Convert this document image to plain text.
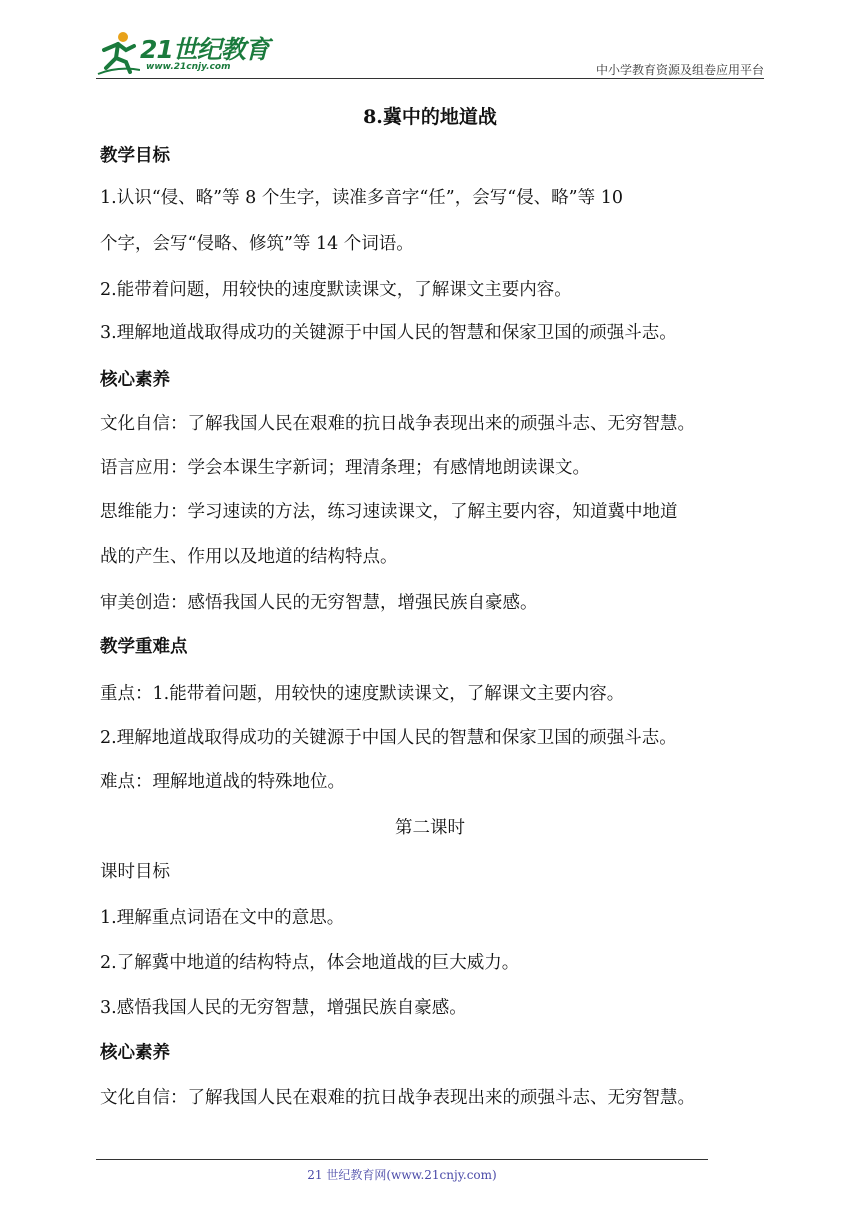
21世纪教育
www.21cnjy.com	中小学教育资源及组卷应用平台
8.冀中的地道战
教学目标
1.认识“侵、略”等 8 个生字，读准多音字“任”，会写“侵、略”等 10
个字，会写“侵略、修筑”等 14 个词语。
2.能带着问题，用较快的速度默读课文，了解课文主要内容。
3.理解地道战取得成功的关键源于中国人民的智慧和保家卫国的顽强斗志。
核心素养
文化自信：了解我国人民在艰难的抗日战争表现出来的顽强斗志、无穷智慧。
语言应用：学会本课生字新词；理清条理；有感情地朗读课文。
思维能力：学习速读的方法，练习速读课文，了解主要内容，知道冀中地道
战的产生、作用以及地道的结构特点。
审美创造：感悟我国人民的无穷智慧，增强民族自豪感。
教学重难点
重点：1.能带着问题，用较快的速度默读课文，了解课文主要内容。
2.理解地道战取得成功的关键源于中国人民的智慧和保家卫国的顽强斗志。
难点：理解地道战的特殊地位。
第二课时
课时目标
1.理解重点词语在文中的意思。
2.了解冀中地道的结构特点，体会地道战的巨大威力。
3.感悟我国人民的无穷智慧，增强民族自豪感。
核心素养
文化自信：了解我国人民在艰难的抗日战争表现出来的顽强斗志、无穷智慧。
21 世纪教育网(www.21cnjy.com)
